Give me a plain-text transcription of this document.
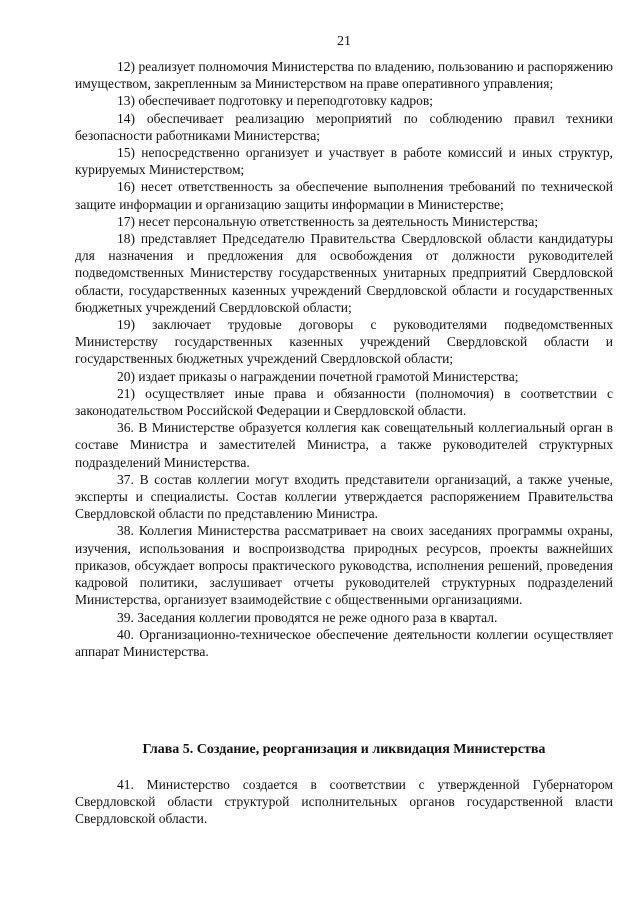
21

12) реализует полномочия Министерства по владению, пользованию и распоряжению имуществом, закрепленным за Министерством на праве оперативного управления;

13) обеспечивает подготовку и переподготовку кадров;

14) обеспечивает реализацию мероприятий по соблюдению правил техники безопасности работниками Министерства;

15) непосредственно организует и участвует в работе комиссий и иных структур, курируемых Министерством;

16) несет ответственность за обеспечение выполнения требований по технической защите информации и организацию защиты информации в Министерстве;

17) несет персональную ответственность за деятельность Министерства;

18) представляет Председателю Правительства Свердловской области кандидатуры для назначения и предложения для освобождения от должности руководителей подведомственных Министерству государственных унитарных предприятий Свердловской области, государственных казенных учреждений Свердловской области и государственных бюджетных учреждений Свердловской области;

19) заключает трудовые договоры с руководителями подведомственных Министерству государственных казенных учреждений Свердловской области и государственных бюджетных учреждений Свердловской области;

20) издает приказы о награждении почетной грамотой Министерства;

21) осуществляет иные права и обязанности (полномочия) в соответствии с законодательством Российской Федерации и Свердловской области.

36. В Министерстве образуется коллегия как совещательный коллегиальный орган в составе Министра и заместителей Министра, а также руководителей структурных подразделений Министерства.

37. В состав коллегии могут входить представители организаций, а также ученые, эксперты и специалисты. Состав коллегии утверждается распоряжением Правительства Свердловской области по представлению Министра.

38. Коллегия Министерства рассматривает на своих заседаниях программы охраны, изучения, использования и воспроизводства природных ресурсов, проекты важнейших приказов, обсуждает вопросы практического руководства, исполнения решений, проведения кадровой политики, заслушивает отчеты руководителей структурных подразделений Министерства, организует взаимодействие с общественными организациями.

39. Заседания коллегии проводятся не реже одного раза в квартал.

40. Организационно-техническое обеспечение деятельности коллегии осуществляет аппарат Министерства.

Глава 5. Создание, реорганизация и ликвидация Министерства

41. Министерство создается в соответствии с утвержденной Губернатором Свердловской области структурой исполнительных органов государственной власти Свердловской области.
